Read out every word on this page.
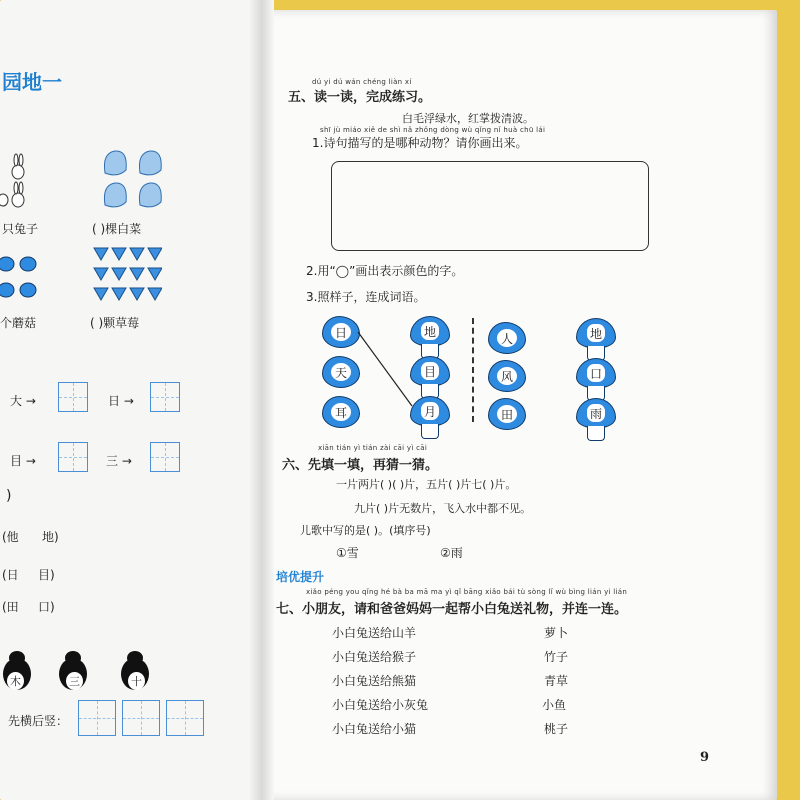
园地一
只兔子	( )棵白菜
个蘑菇	( )颗草莓
大 →	日 →
目 →	三 →
)
(他 地)
(日 目)
(田 口)
木	三	十
先横后竖：
dú yi dú wán chéng liàn xí
五、读一读，完成练习。
白毛浮绿水，红掌拨清波。
shī jù miáo xiě de shì nǎ zhǒng dòng wù qǐng nǐ huà chū lái
1.诗句描写的是哪种动物？请你画出来。
2.用“◯”画出表示颜色的字。
3.照样子，连成词语。
日
天
耳
地
目
月
人
风
田
地
口
雨
xiān tián yì tián zài cāi yì cāi
六、先填一填，再猜一猜。
一片两片( )( )片，五片( )片七( )片。
九片( )片无数片，飞入水中都不见。
儿歌中写的是( )。(填序号)
①雪	②雨
培优提升
xiǎo péng you qǐng hé bà ba mā ma yì qǐ bāng xiǎo bái tù sòng lǐ wù bìng lián yi lián
七、小朋友，请和爸爸妈妈一起帮小白兔送礼物，并连一连。
小白兔送给山羊
小白兔送给猴子
小白兔送给熊猫
小白兔送给小灰兔
小白兔送给小猫
萝卜
竹子
青草
小鱼
桃子
9
